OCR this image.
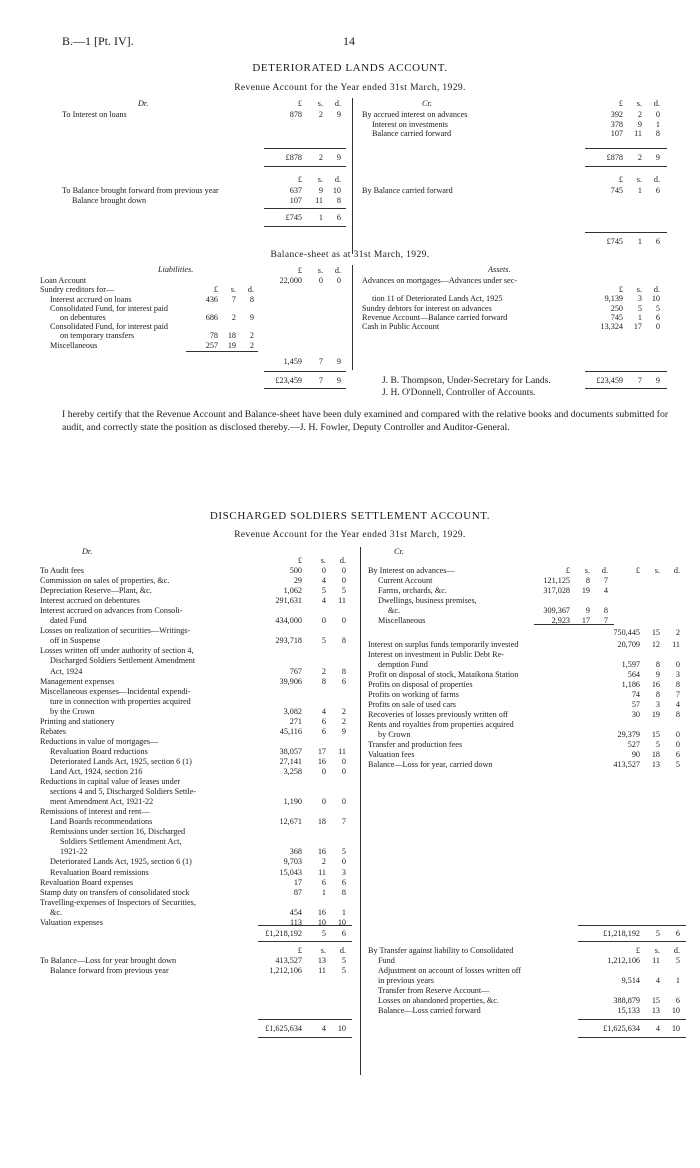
B.—1 [Pt. IV].	14
DETERIORATED LANDS ACCOUNT.
Revenue Account for the Year ended 31st March, 1929.
Dr.	Cr.
£	s.	d.	£	s.	d.
To Interest on loans	878	2	9	By accrued interest on advances	392	2	0
Interest on investments	378	9	1
Balance carried forward	107	11	8
£878	2	9	£878	2	9
£	s.	d.	£	s.	d.
To Balance brought forward from previous year	637	9	10
Balance brought down	107	11	8
By Balance carried forward	745	1	6
£745	1	6
£745	1	6
Balance-sheet as at 31st March, 1929.
Liabilities.	Assets.
£	s.	d.
£	s.	d.	£	s.	d.
Loan Account	22,000	0	0
Sundry creditors for—
Interest accrued on loans	436	7	8
Consolidated Fund, for interest paid
on debentures	686	2	9
Consolidated Fund, for interest paid
on temporary transfers	78	18	2
Miscellaneous	257	19	2
1,459	7	9
Advances on mortgages—Advances under sec-
tion 11 of Deteriorated Lands Act, 1925	9,139	3	10
Sundry debtors for interest on advances	250	5	5
Revenue Account—Balance carried forward	745	1	6
Cash in Public Account	13,324	17	0
£23,459	7	9	£23,459	7	9
J. B. Thompson, Under-Secretary for Lands.
J. H. O'Donnell, Controller of Accounts.
I hereby certify that the Revenue Account and Balance-sheet have been duly examined and compared with the relative books and documents submitted for audit, and correctly state the position as disclosed thereby.—J. H. Fowler, Deputy Controller and Auditor-General.
DISCHARGED SOLDIERS SETTLEMENT ACCOUNT.
Revenue Account for the Year ended 31st March, 1929.
Dr.	Cr.
£	s.	d.
To Audit fees	500	0	0
Commission on sales of properties, &c.	29	4	0
Depreciation Reserve—Plant, &c.	1,062	5	5
Interest accrued on debentures	291,631	4	11
Interest accrued on advances from Consoli-
dated Fund	434,000	0	0
Losses on realization of securities—Writings-
off in Suspense	293,718	5	8
Losses written off under authority of section 4,
Discharged Soldiers Settlement Amendment
Act, 1924	767	2	8
Management expenses	39,906	8	6
Miscellaneous expenses—Incidental expendi-
ture in connection with properties acquired
by the Crown	3,082	4	2
Printing and stationery	271	6	2
Rebates	45,116	6	9
Reductions in value of mortgages—
Revaluation Board reductions	38,057	17	11
Deteriorated Lands Act, 1925, section 6 (1)	27,141	16	0
Land Act, 1924, section 216	3,258	0	0
Reductions in capital value of leases under
sections 4 and 5, Discharged Soldiers Settle-
ment Amendment Act, 1921-22	1,190	0	0
Remissions of interest and rent—
Land Boards recommendations	12,671	18	7
Remissions under section 16, Discharged
Soldiers Settlement Amendment Act,
1921-22	368	16	5
Deteriorated Lands Act, 1925, section 6 (1)	9,703	2	0
Revaluation Board remissions	15,043	11	3
Revaluation Board expenses	17	6	6
Stamp duty on transfers of consolidated stock	87	1	8
Travelling-expenses of Inspectors of Securities,
&c.	454	16	1
Valuation expenses	113	10	10
By Interest on advances—	£	s.	d.
£	s.	d.
Current Account	121,125	8	7
Farms, orchards, &c.	317,028	19	4
Dwellings, business premises,
&c.	309,367	9	8
Miscellaneous	2,923	17	7
750,445	15	2
Interest on surplus funds temporarily invested	20,709	12	11
Interest on investment in Public Debt Re-
demption Fund	1,597	8	0
Profit on disposal of stock, Mataikona Station	564	9	3
Profits on disposal of properties	1,186	16	8
Profits on working of farms	74	8	7
Profits on sale of used cars	57	3	4
Recoveries of losses previously written off	30	19	8
Rents and royalties from properties acquired
by Crown	29,379	15	0
Transfer and production fees	527	5	0
Valuation fees	90	18	6
Balance—Loss for year, carried down	413,527	13	5
£1,218,192	5	6	£1,218,192	5	6
£	s.	d.	£	s.	d.
To Balance—Loss for year brought down	413,527	13	5
Balance forward from previous year	1,212,106	11	5
By Transfer against liability to Consolidated
Fund	1,212,106	11	5
Adjustment on account of losses written off
in previous years	9,514	4	1
Transfer from Reserve Account—
Losses on abandoned properties, &c.	388,879	15	6
Balance—Loss carried forward	15,133	13	10
£1,625,634	4	10	£1,625,634	4	10
